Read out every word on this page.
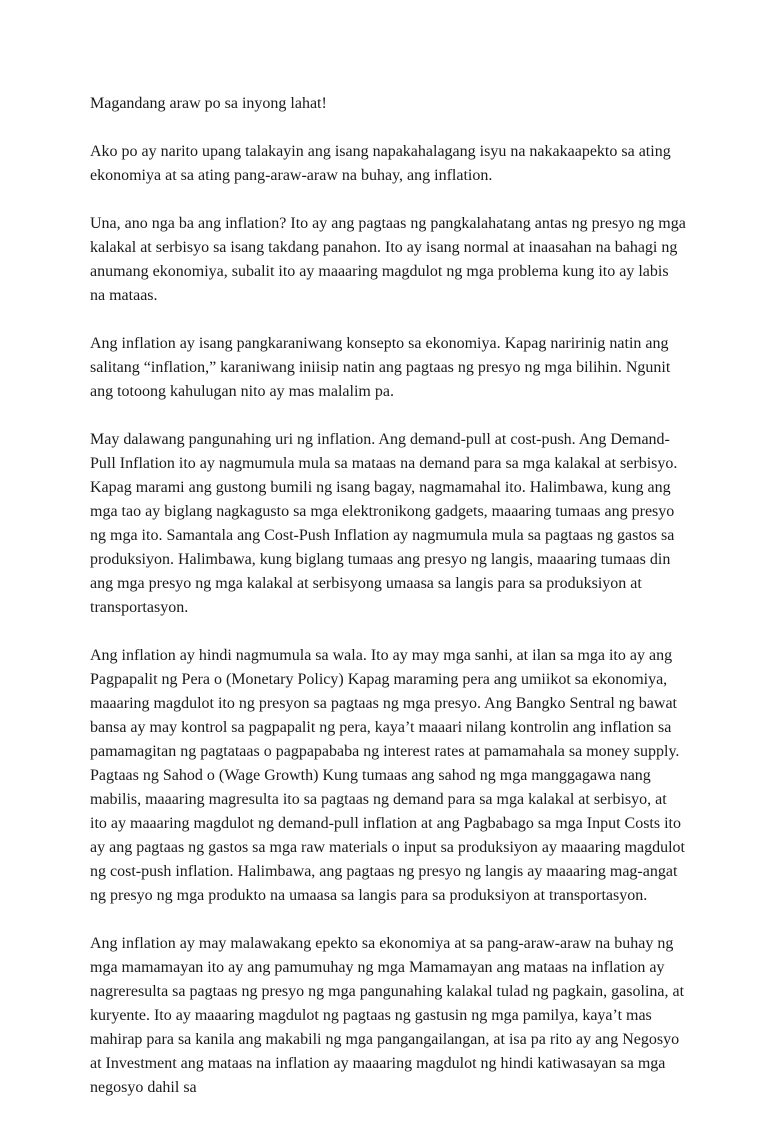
Magandang araw po sa inyong lahat!

Ako po ay narito upang talakayin ang isang napakahalagang isyu na nakakaapekto sa ating ekonomiya at sa ating pang-araw-araw na buhay, ang inflation.

Una, ano nga ba ang inflation? Ito ay ang pagtaas ng pangkalahatang antas ng presyo ng mga kalakal at serbisyo sa isang takdang panahon. Ito ay isang normal at inaasahan na bahagi ng anumang ekonomiya, subalit ito ay maaaring magdulot ng mga problema kung ito ay labis na mataas.

Ang inflation ay isang pangkaraniwang konsepto sa ekonomiya. Kapag naririnig natin ang salitang “inflation,” karaniwang iniisip natin ang pagtaas ng presyo ng mga bilihin. Ngunit ang totoong kahulugan nito ay mas malalim pa.

May dalawang pangunahing uri ng inflation. Ang demand-pull at cost-push. Ang Demand-Pull Inflation ito ay nagmumula mula sa mataas na demand para sa mga kalakal at serbisyo. Kapag marami ang gustong bumili ng isang bagay, nagmamahal ito. Halimbawa, kung ang mga tao ay biglang nagkagusto sa mga elektronikong gadgets, maaaring tumaas ang presyo ng mga ito. Samantala ang Cost-Push Inflation ay nagmumula mula sa pagtaas ng gastos sa produksiyon. Halimbawa, kung biglang tumaas ang presyo ng langis, maaaring tumaas din ang mga presyo ng mga kalakal at serbisyong umaasa sa langis para sa produksiyon at transportasyon.

Ang inflation ay hindi nagmumula sa wala. Ito ay may mga sanhi, at ilan sa mga ito ay ang Pagpapalit ng Pera o (Monetary Policy) Kapag maraming pera ang umiikot sa ekonomiya, maaaring magdulot ito ng presyon sa pagtaas ng mga presyo. Ang Bangko Sentral ng bawat bansa ay may kontrol sa pagpapalit ng pera, kaya’t maaari nilang kontrolin ang inflation sa pamamagitan ng pagtataas o pagpapababa ng interest rates at pamamahala sa money supply. Pagtaas ng Sahod o (Wage Growth) Kung tumaas ang sahod ng mga manggagawa nang mabilis, maaaring magresulta ito sa pagtaas ng demand para sa mga kalakal at serbisyo, at ito ay maaaring magdulot ng demand-pull inflation at ang Pagbabago sa mga Input Costs ito ay ang pagtaas ng gastos sa mga raw materials o input sa produksiyon ay maaaring magdulot ng cost-push inflation. Halimbawa, ang pagtaas ng presyo ng langis ay maaaring mag-angat ng presyo ng mga produkto na umaasa sa langis para sa produksiyon at transportasyon.

Ang inflation ay may malawakang epekto sa ekonomiya at sa pang-araw-araw na buhay ng mga mamamayan ito ay ang pamumuhay ng mga Mamamayan ang mataas na inflation ay nagreresulta sa pagtaas ng presyo ng mga pangunahing kalakal tulad ng pagkain, gasolina, at kuryente. Ito ay maaaring magdulot ng pagtaas ng gastusin ng mga pamilya, kaya’t mas mahirap para sa kanila ang makabili ng mga pangangailangan, at isa pa rito ay ang Negosyo at Investment ang mataas na inflation ay maaaring magdulot ng hindi katiwasayan sa mga negosyo dahil sa
